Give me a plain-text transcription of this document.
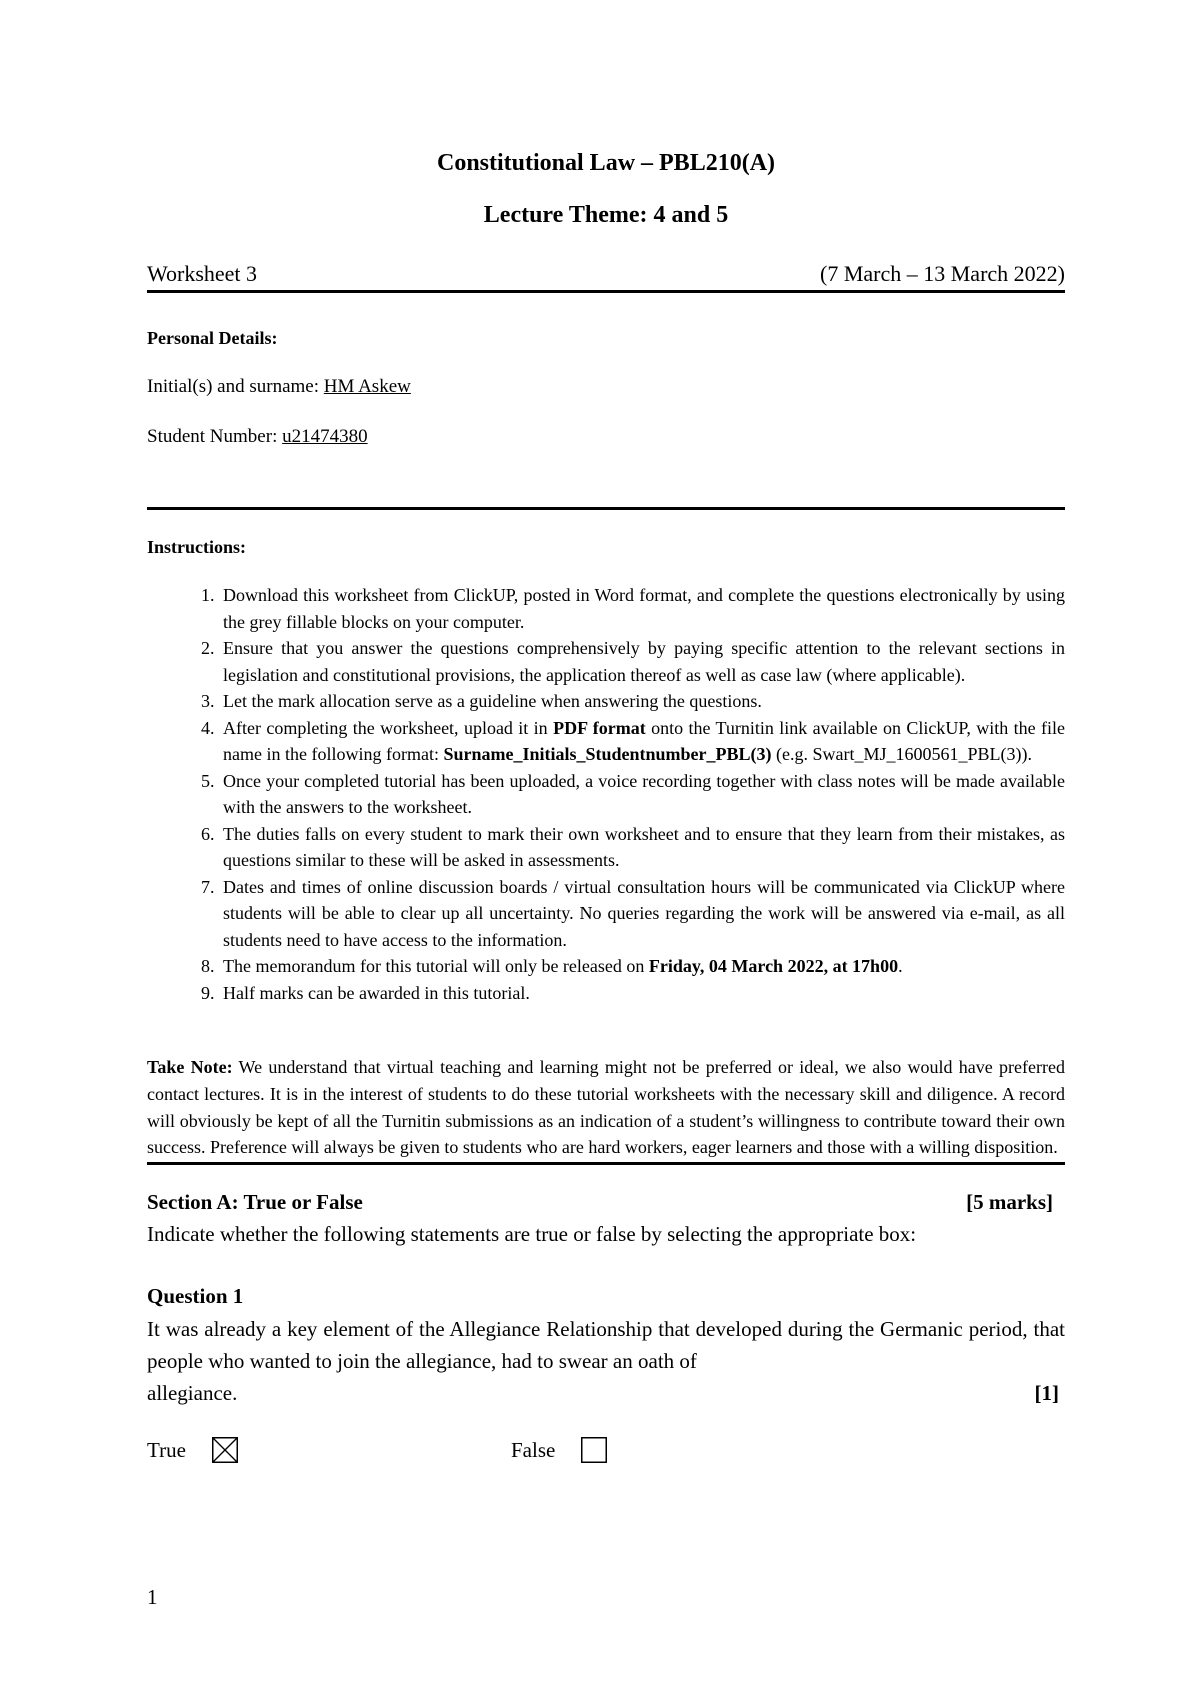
Constitutional Law – PBL210(A)

Lecture Theme: 4 and 5

Worksheet 3	(7 March – 13 March 2022)
Personal Details:
Initial(s) and surname: HM Askew
Student Number: u21474380
Instructions:
1. Download this worksheet from ClickUP, posted in Word format, and complete the questions electronically by using the grey fillable blocks on your computer.
2. Ensure that you answer the questions comprehensively by paying specific attention to the relevant sections in legislation and constitutional provisions, the application thereof as well as case law (where applicable).
3. Let the mark allocation serve as a guideline when answering the questions.
4. After completing the worksheet, upload it in PDF format onto the Turnitin link available on ClickUP, with the file name in the following format: Surname_Initials_Studentnumber_PBL(3) (e.g. Swart_MJ_1600561_PBL(3)).
5. Once your completed tutorial has been uploaded, a voice recording together with class notes will be made available with the answers to the worksheet.
6. The duties falls on every student to mark their own worksheet and to ensure that they learn from their mistakes, as questions similar to these will be asked in assessments.
7. Dates and times of online discussion boards / virtual consultation hours will be communicated via ClickUP where students will be able to clear up all uncertainty. No queries regarding the work will be answered via e-mail, as all students need to have access to the information.
8. The memorandum for this tutorial will only be released on Friday, 04 March 2022, at 17h00.
9. Half marks can be awarded in this tutorial.
Take Note: We understand that virtual teaching and learning might not be preferred or ideal, we also would have preferred contact lectures. It is in the interest of students to do these tutorial worksheets with the necessary skill and diligence. A record will obviously be kept of all the Turnitin submissions as an indication of a student’s willingness to contribute toward their own success. Preference will always be given to students who are hard workers, eager learners and those with a willing disposition.
Section A: True or False	[5 marks]
Indicate whether the following statements are true or false by selecting the appropriate box:
Question 1
It was already a key element of the Allegiance Relationship that developed during the Germanic period, that people who wanted to join the allegiance, had to swear an oath of
allegiance.	[1]
True	False
1
